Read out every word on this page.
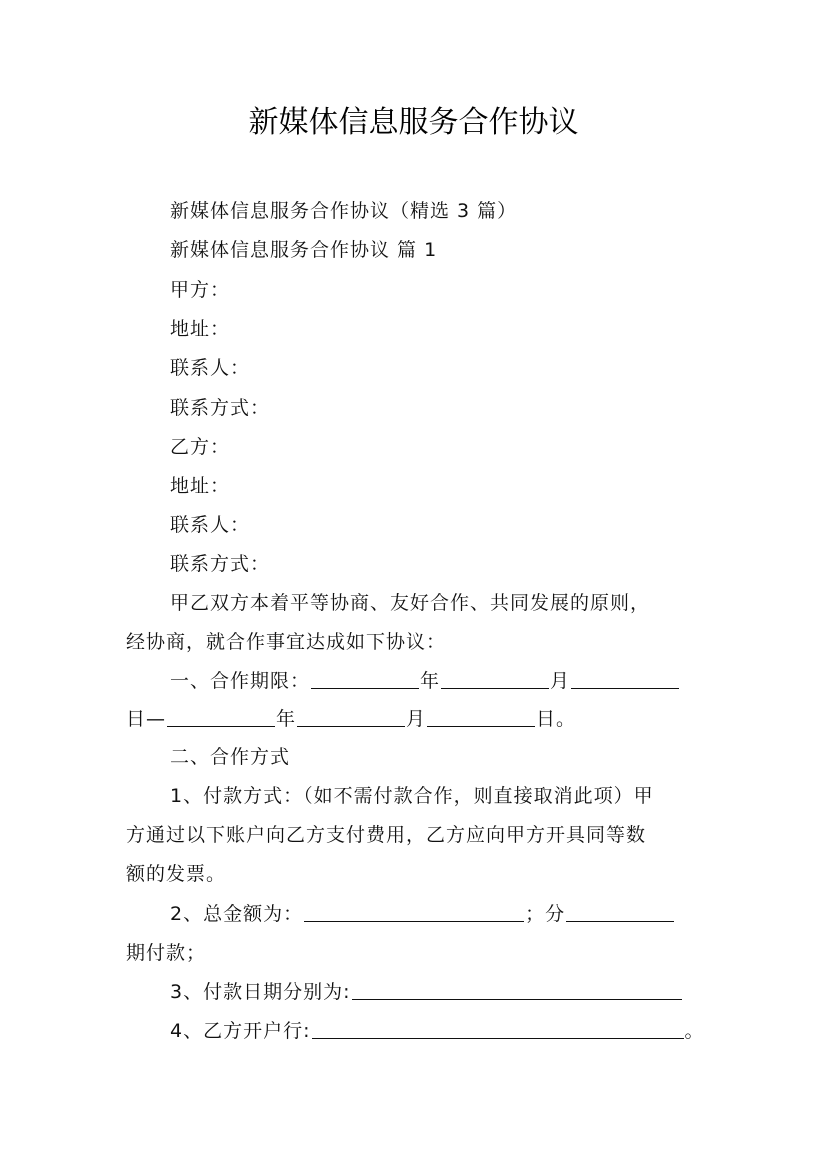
新媒体信息服务合作协议
新媒体信息服务合作协议（精选 3 篇）
新媒体信息服务合作协议 篇 1
甲方：
地址：
联系人：
联系方式：
乙方：
地址：
联系人：
联系方式：
甲乙双方本着平等协商、友好合作、共同发展的原则，
经协商，就合作事宜达成如下协议：
一、合作期限：	年	月
日—	年	月	日。
二、合作方式
1、付款方式：（如不需付款合作，则直接取消此项）甲
方通过以下账户向乙方支付费用，乙方应向甲方开具同等数
额的发票。
2、总金额为：	；分
期付款；
3、付款日期分别为:
4、乙方开户行:	。
